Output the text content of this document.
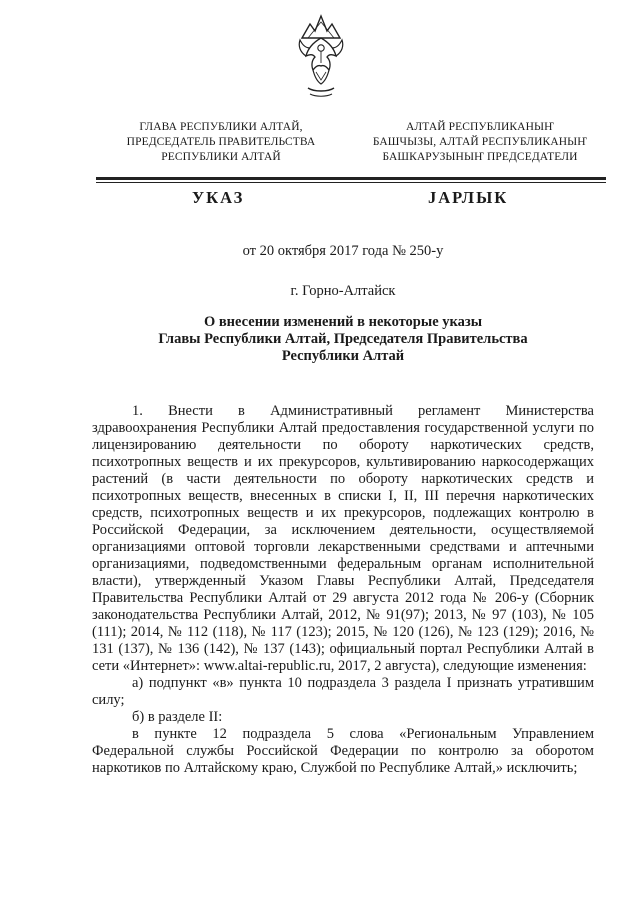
ГЛАВА РЕСПУБЛИКИ АЛТАЙ,
ПРЕДСЕДАТЕЛЬ ПРАВИТЕЛЬСТВА
РЕСПУБЛИКИ АЛТАЙ
АЛТАЙ РЕСПУБЛИКАНЫҤ
БАШЧЫЗЫ, АЛТАЙ РЕСПУБЛИКАНЫҤ
БАШКАРУЗЫНЫҤ ПРЕДСЕДАТЕЛИ
УКАЗ	JАРЛЫК
от 20 октября 2017 года № 250-у
г. Горно-Алтайск
О внесении изменений в некоторые указы
Главы Республики Алтай, Председателя Правительства
Республики Алтай

1. Внести в Административный регламент Министерства здравоохранения Республики Алтай предоставления государственной услуги по лицензированию деятельности по обороту наркотических средств, психотропных веществ и их прекурсоров, культивированию наркосодержащих растений (в части деятельности по обороту наркотических средств и психотропных веществ, внесенных в списки I, II, III перечня наркотических средств, психотропных веществ и их прекурсоров, подлежащих контролю в Российской Федерации, за исключением деятельности, осуществляемой организациями оптовой торговли лекарственными средствами и аптечными организациями, подведомственными федеральным органам исполнительной власти), утвержденный Указом Главы Республики Алтай, Председателя Правительства Республики Алтай от 29 августа 2012 года № 206-у (Сборник законодательства Республики Алтай, 2012, № 91(97); 2013, № 97 (103), № 105 (111); 2014, № 112 (118), № 117 (123); 2015, № 120 (126), № 123 (129); 2016, № 131 (137), № 136 (142), № 137 (143); официальный портал Республики Алтай в сети «Интернет»: www.altai-republic.ru, 2017, 2 августа), следующие изменения:

а) подпункт «в» пункта 10 подраздела 3 раздела I признать утратившим силу;

б) в разделе II:

в пункте 12 подраздела 5 слова «Региональным Управлением Федеральной службы Российской Федерации по контролю за оборотом наркотиков по Алтайскому краю, Службой по Республике Алтай,» исключить;
